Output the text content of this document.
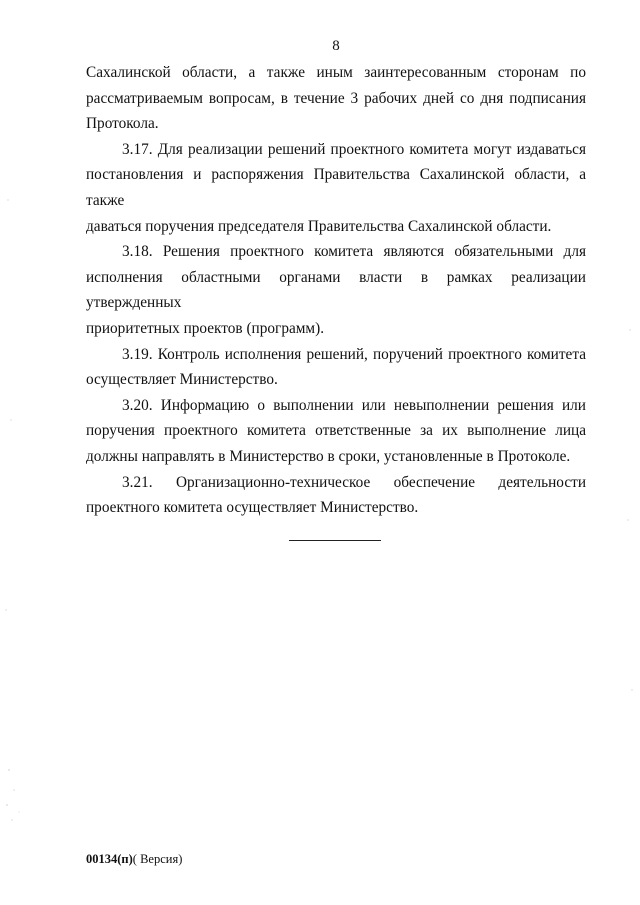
8

Сахалинской области, а также иным заинтересованным сторонам по

рассматриваемым вопросам, в течение 3 рабочих дней со дня подписания

Протокола.

3.17. Для реализации решений проектного комитета могут издаваться

постановления и распоряжения Правительства Сахалинской области, а также

даваться поручения председателя Правительства Сахалинской области.

3.18. Решения проектного комитета являются обязательными для

исполнения областными органами власти в рамках реализации утвержденных

приоритетных проектов (программ).

3.19. Контроль исполнения решений, поручений проектного комитета

осуществляет Министерство.

3.20. Информацию о выполнении или невыполнении решения или

поручения проектного комитета ответственные за их выполнение лица

должны направлять в Министерство в сроки, установленные в Протоколе.

3.21. Организационно-техническое обеспечение деятельности

проектного комитета осуществляет Министерство.

00134(п)( Версия)
